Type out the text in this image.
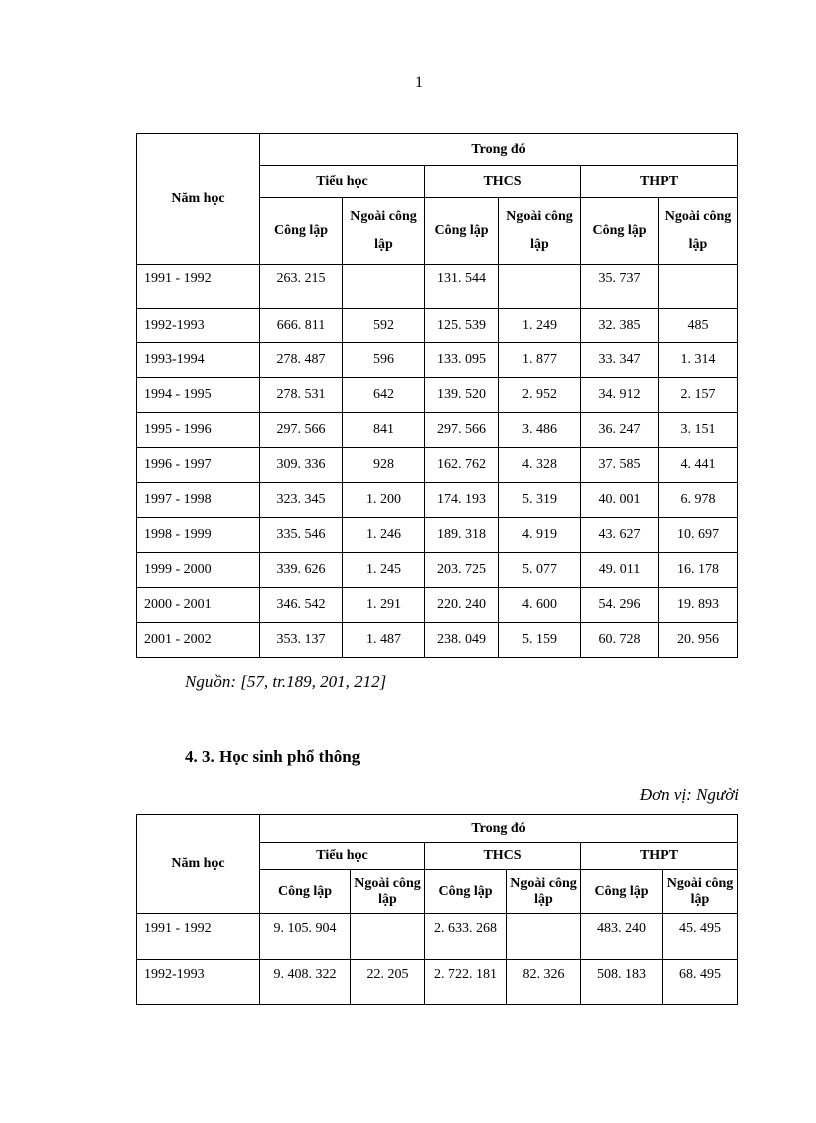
1
Năm học	Trong đó					
	Tiểu học		THCS		THPT	
	Công lập	Ngoài công lập	Công lập	Ngoài công lập	Công lập	Ngoài công lập
1991 - 1992	263. 215		131. 544		35. 737	
1992-1993	666. 811	592	125. 539	1. 249	32. 385	485
1993-1994	278. 487	596	133. 095	1. 877	33. 347	1. 314
1994 - 1995	278. 531	642	139. 520	2. 952	34. 912	2. 157
1995 - 1996	297. 566	841	297. 566	3. 486	36. 247	3. 151
1996 - 1997	309. 336	928	162. 762	4. 328	37. 585	4. 441
1997 - 1998	323. 345	1. 200	174. 193	5. 319	40. 001	6. 978
1998 - 1999	335. 546	1. 246	189. 318	4. 919	43. 627	10. 697
1999 - 2000	339. 626	1. 245	203. 725	5. 077	49. 011	16. 178
2000 - 2001	346. 542	1. 291	220. 240	4. 600	54. 296	19. 893
2001 - 2002	353. 137	1. 487	238. 049	5. 159	60. 728	20. 956
Nguồn: [57, tr.189, 201, 212]
4. 3. Học sinh phổ thông
Đơn vị: Người
Năm học	Trong đó					
	Tiểu học		THCS		THPT	
	Công lập	Ngoài công lập	Công lập	Ngoài công lập	Công lập	Ngoài công lập
1991 - 1992	9. 105. 904		2. 633. 268		483. 240	45. 495
1992-1993	9. 408. 322	22. 205	2. 722. 181	82. 326	508. 183	68. 495
